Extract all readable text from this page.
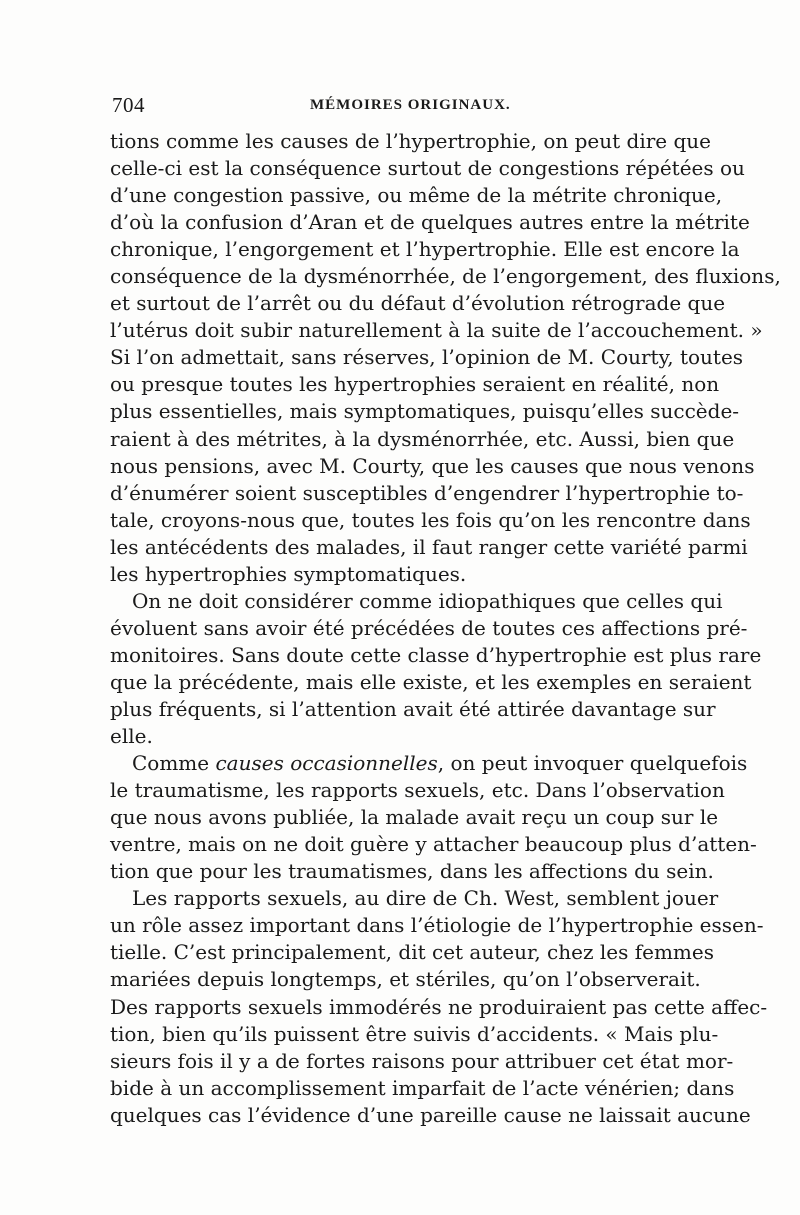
704	MÉMOIRES ORIGINAUX.
tions comme les causes de l’hypertrophie, on peut dire que
celle-ci est la conséquence surtout de congestions répétées ou
d’une congestion passive, ou même de la métrite chronique,
d’où la confusion d’Aran et de quelques autres entre la métrite
chronique, l’engorgement et l’hypertrophie. Elle est encore la
conséquence de la dysménorrhée, de l’engorgement, des fluxions,
et surtout de l’arrêt ou du défaut d’évolution rétrograde que
l’utérus doit subir naturellement à la suite de l’accouchement. »
Si l’on admettait, sans réserves, l’opinion de M. Courty, toutes
ou presque toutes les hypertrophies seraient en réalité, non
plus essentielles, mais symptomatiques, puisqu’elles succède-
raient à des métrites, à la dysménorrhée, etc. Aussi, bien que
nous pensions, avec M. Courty, que les causes que nous venons
d’énumérer soient susceptibles d’engendrer l’hypertrophie to-
tale, croyons-nous que, toutes les fois qu’on les rencontre dans
les antécédents des malades, il faut ranger cette variété parmi
les hypertrophies symptomatiques.
On ne doit considérer comme idiopathiques que celles qui
évoluent sans avoir été précédées de toutes ces affections pré-
monitoires. Sans doute cette classe d’hypertrophie est plus rare
que la précédente, mais elle existe, et les exemples en seraient
plus fréquents, si l’attention avait été attirée davantage sur
elle.
Comme causes occasionnelles, on peut invoquer quelquefois
le traumatisme, les rapports sexuels, etc. Dans l’observation
que nous avons publiée, la malade avait reçu un coup sur le
ventre, mais on ne doit guère y attacher beaucoup plus d’atten-
tion que pour les traumatismes, dans les affections du sein.
Les rapports sexuels, au dire de Ch. West, semblent jouer
un rôle assez important dans l’étiologie de l’hypertrophie essen-
tielle. C’est principalement, dit cet auteur, chez les femmes
mariées depuis longtemps, et stériles, qu’on l’observerait.
Des rapports sexuels immodérés ne produiraient pas cette affec-
tion, bien qu’ils puissent être suivis d’accidents. « Mais plu-
sieurs fois il y a de fortes raisons pour attribuer cet état mor-
bide à un accomplissement imparfait de l’acte vénérien; dans
quelques cas l’évidence d’une pareille cause ne laissait aucune
